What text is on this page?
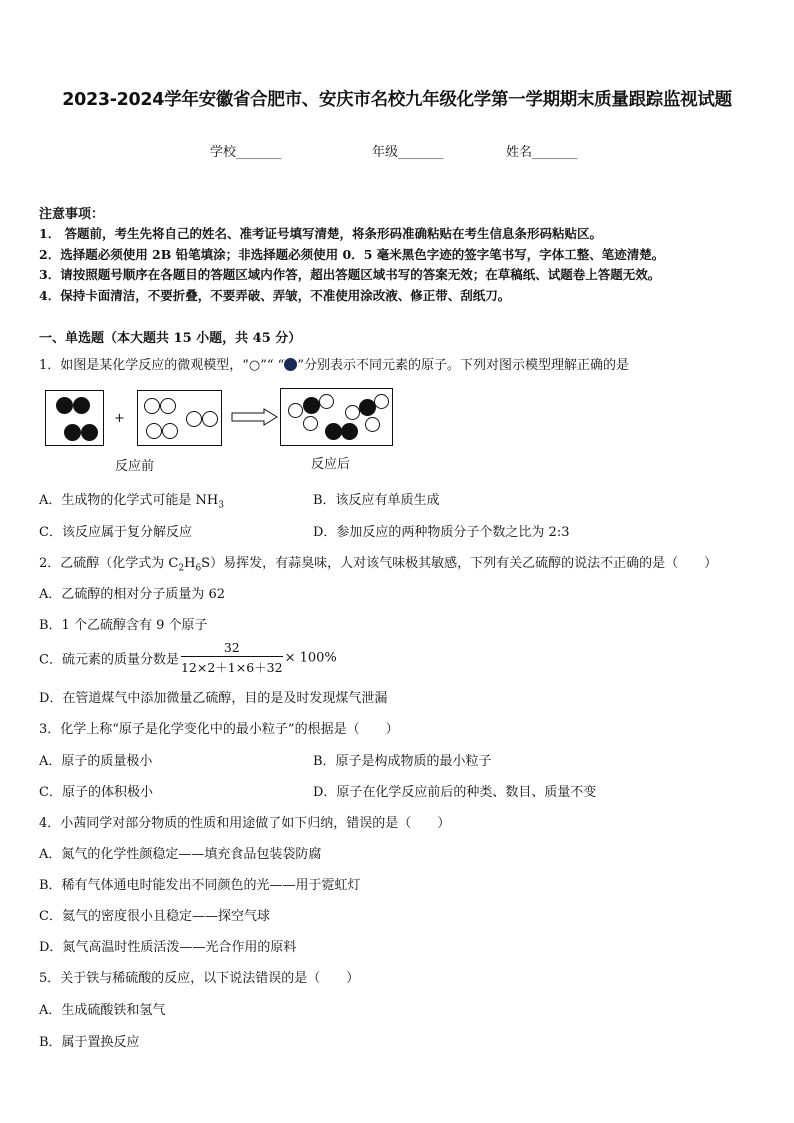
2023-2024学年安徽省合肥市、安庆市名校九年级化学第一学期期末质量跟踪监视试题
学校_______	年级_______	姓名_______
注意事项：
1． 答题前，考生先将自己的姓名、准考证号填写清楚，将条形码准确粘贴在考生信息条形码粘贴区。
2．选择题必须使用 2B 铅笔填涂；非选择题必须使用 0．5 毫米黑色字迹的签字笔书写，字体工整、笔迹清楚。
3．请按照题号顺序在各题目的答题区域内作答，超出答题区域书写的答案无效；在草稿纸、试题卷上答题无效。
4．保持卡面清洁，不要折叠，不要弄破、弄皱，不准使用涂改液、修正带、刮纸刀。
一、单选题（本大题共 15 小题，共 45 分）
1．如图是某化学反应的微观模型，“○”“ “ ”分别表示不同元素的原子。下列对图示模型理解正确的是
+
反应前	反应后
A．生成物的化学式可能是 $NH_3$	B．该反应有单质生成
C．该反应属于复分解反应	D．参加反应的两种物质分子个数之比为 2:3
2．乙硫醇（化学式为 $C_2H_6S$）易挥发，有蒜臭味，人对该气味极其敏感，下列有关乙硫醇的说法不正确的是（　　）
A．乙硫醇的相对分子质量为 62
B．1 个乙硫醇含有 9 个原子
C．硫元素的质量分数是 $\frac{32}{12\times 2+1\times 6+32} \times 100\%$
D．在管道煤气中添加微量乙硫醇，目的是及时发现煤气泄漏
3．化学上称“原子是化学变化中的最小粒子”的根据是（　　）
A．原子的质量极小	B．原子是构成物质的最小粒子
C．原子的体积极小	D．原子在化学反应前后的种类、数目、质量不变
4．小茜同学对部分物质的性质和用途做了如下归纳，错误的是（　　）
A．氮气的化学性颜稳定——填充食品包装袋防腐
B．稀有气体通电时能发出不同颜色的光——用于霓虹灯
C．氦气的密度很小且稳定——探空气球
D．氮气高温时性质活泼——光合作用的原料
5．关于铁与稀硫酸的反应，以下说法错误的是（　　）
A．生成硫酸铁和氢气
B．属于置换反应
